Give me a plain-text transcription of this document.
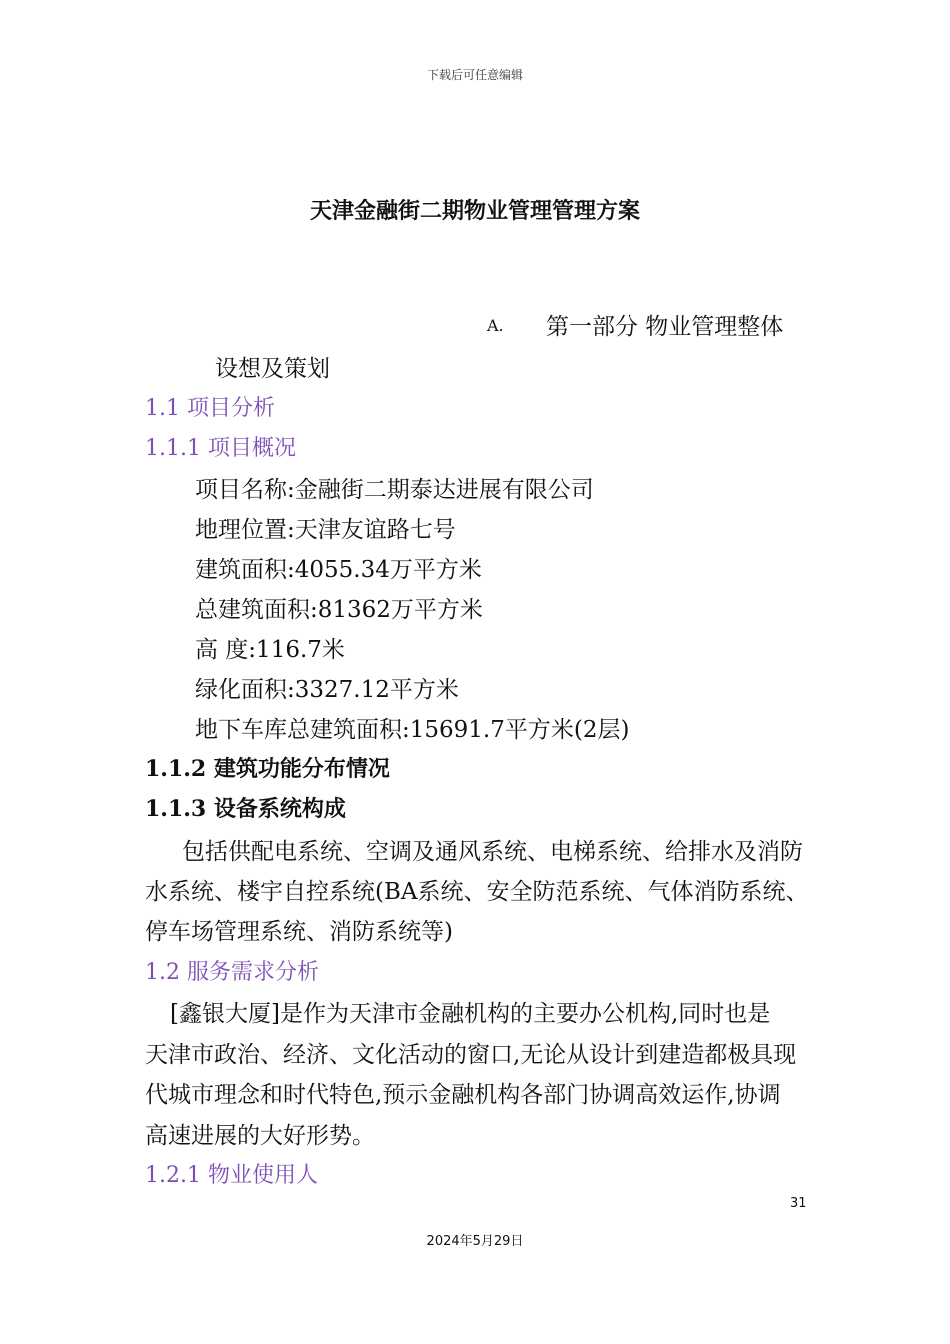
下载后可任意编辑
天津金融街二期物业管理管理方案
A. 第一部分 物业管理整体
设想及策划
1.1 项目分析
1.1.1 项目概况
项目名称:金融街二期泰达进展有限公司
地理位置:天津友谊路七号
建筑面积:4055.34万平方米
总建筑面积:81362万平方米
高 度:116.7米
绿化面积:3327.12平方米
地下车库总建筑面积:15691.7平方米(2层)
1.1.2 建筑功能分布情况
1.1.3 设备系统构成
包括供配电系统、空调及通风系统、电梯系统、给排水及消防
水系统、楼宇自控系统(BA系统、安全防范系统、气体消防系统、
停车场管理系统、消防系统等)
1.2 服务需求分析
[鑫银大厦]是作为天津市金融机构的主要办公机构,同时也是
天津市政治、经济、文化活动的窗口,无论从设计到建造都极具现
代城市理念和时代特色,预示金融机构各部门协调高效运作,协调
高速进展的大好形势。
1.2.1 物业使用人
31
2024年5月29日
